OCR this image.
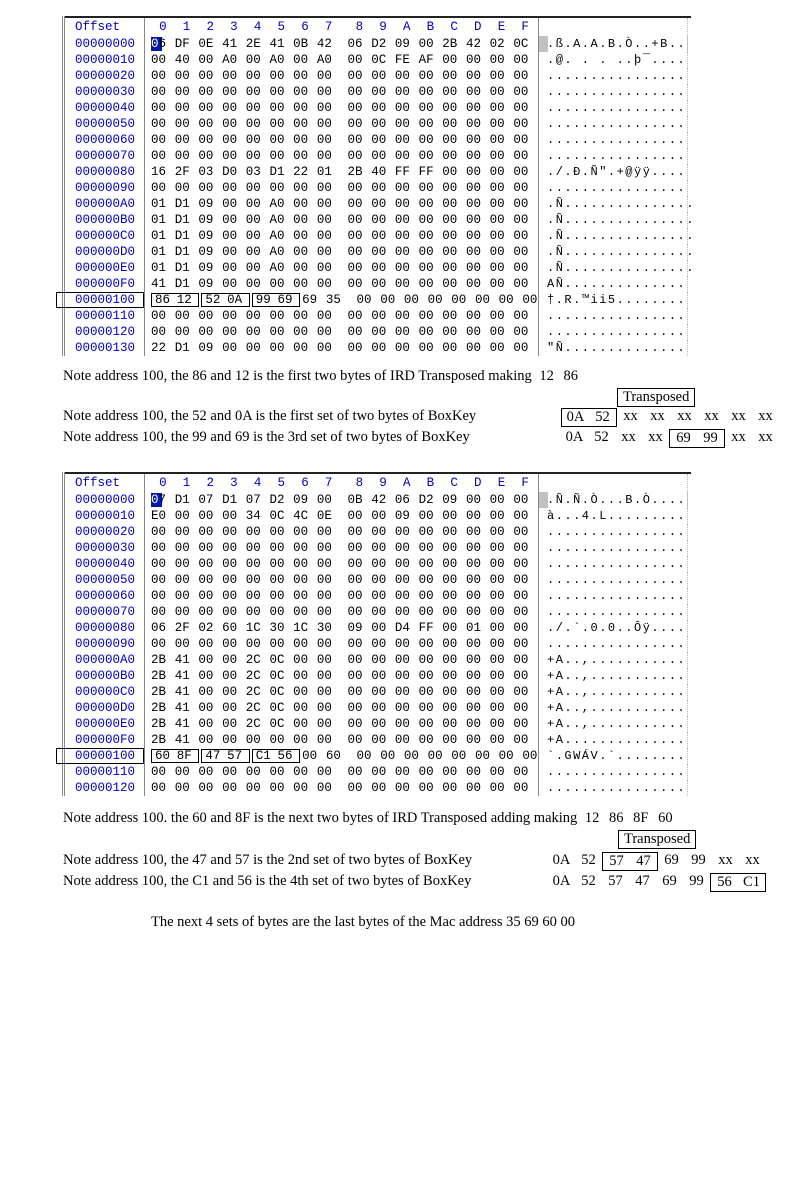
Offset	0	1	2	3	4	5	6	7	8	9	A	B	C	D	E	F
00000000 06 DF 0E 41 2E 41 0B 42	06 D2 09 00 2B 42 02 0C	.ß.A.A.B.Ò..+B..
00000010 00 40 00 A0 00 A0 00 A0	00 0C FE AF 00 00 00 00	.@. . . ..þ¯....
00000020 00 00 00 00 00 00 00 00	00 00 00 00 00 00 00 00	................
00000030 00 00 00 00 00 00 00 00	00 00 00 00 00 00 00 00	................
00000040 00 00 00 00 00 00 00 00	00 00 00 00 00 00 00 00	................
00000050 00 00 00 00 00 00 00 00	00 00 00 00 00 00 00 00	................
00000060 00 00 00 00 00 00 00 00	00 00 00 00 00 00 00 00	................
00000070 00 00 00 00 00 00 00 00	00 00 00 00 00 00 00 00	................
00000080 16 2F 03 D0 03 D1 22 01	2B 40 FF FF 00 00 00 00	./.Ð.Ñ".+@ÿÿ....
00000090 00 00 00 00 00 00 00 00	00 00 00 00 00 00 00 00	................
000000A0 01 D1 09 00 00 A0 00 00	00 00 00 00 00 00 00 00	.Ñ...............
000000B0 01 D1 09 00 00 A0 00 00	00 00 00 00 00 00 00 00	.Ñ...............
000000C0 01 D1 09 00 00 A0 00 00	00 00 00 00 00 00 00 00	.Ñ...............
000000D0 01 D1 09 00 00 A0 00 00	00 00 00 00 00 00 00 00	.Ñ...............
000000E0 01 D1 09 00 00 A0 00 00	00 00 00 00 00 00 00 00	.Ñ...............
000000F0 41 D1 09 00 00 00 00 00	00 00 00 00 00 00 00 00	AÑ..............
00000100 86 12	52 0A	99 69 69 35	00 00 00 00 00 00 00 00 †.R.™ii5........
00000110 00 00 00 00 00 00 00 00	00 00 00 00 00 00 00 00	................
00000120 00 00 00 00 00 00 00 00	00 00 00 00 00 00 00 00	................
00000130 22 D1 09 00 00 00 00 00	00 00 00 00 00 00 00 00	"Ñ..............
Offset	0	1	2	3	4	5	6	7	8	9	A	B	C	D	E	F
00000000 07 D1 07 D1 07 D2 09 00	0B 42 06 D2 09 00 00 00	.Ñ.Ñ.Ò...B.Ò....
00000010 E0 00 00 00 34 0C 4C 0E	00 00 09 00 00 00 00 00	à...4.L.........
00000020 00 00 00 00 00 00 00 00	00 00 00 00 00 00 00 00	................
00000030 00 00 00 00 00 00 00 00	00 00 00 00 00 00 00 00	................
00000040 00 00 00 00 00 00 00 00	00 00 00 00 00 00 00 00	................
00000050 00 00 00 00 00 00 00 00	00 00 00 00 00 00 00 00	................
00000060 00 00 00 00 00 00 00 00	00 00 00 00 00 00 00 00	................
00000070 00 00 00 00 00 00 00 00	00 00 00 00 00 00 00 00	................
00000080 06 2F 02 60 1C 30 1C 30	09 00 D4 FF 00 01 00 00	./.`.0.0..Ôÿ....
00000090 00 00 00 00 00 00 00 00	00 00 00 00 00 00 00 00	................
000000A0 2B 41 00 00 2C 0C 00 00	00 00 00 00 00 00 00 00	+A..,...........
000000B0 2B 41 00 00 2C 0C 00 00	00 00 00 00 00 00 00 00	+A..,...........
000000C0 2B 41 00 00 2C 0C 00 00	00 00 00 00 00 00 00 00	+A..,...........
000000D0 2B 41 00 00 2C 0C 00 00	00 00 00 00 00 00 00 00	+A..,...........
000000E0 2B 41 00 00 2C 0C 00 00	00 00 00 00 00 00 00 00	+A..,...........
000000F0 2B 41 00 00 00 00 00 00	00 00 00 00 00 00 00 00	+A..............
00000100 60 8F	47 57	C1 56 00 60	00 00 00 00 00 00 00 00 `.GWÁV.`........
00000110 00 00 00 00 00 00 00 00	00 00 00 00 00 00 00 00	................
00000120 00 00 00 00 00 00 00 00	00 00 00 00 00 00 00 00	................
Note address 100, the 86 and 12 is the first two bytes of IRD Transposed making 12 86
Transposed
Note address 100, the 52 and 0A is the first set of two bytes of BoxKey	0A 52 xx xx xx xx xx xx
Note address 100, the 99 and 69 is the 3rd set of two bytes of BoxKey	0A 52 xx xx 69 99 xx xx
Note address 100. the 60 and 8F is the next two bytes of IRD Transposed adding making 12 86 8F 60
Transposed
Note address 100, the 47 and 57 is the 2nd set of two bytes of BoxKey	0A 52 57 47 69 99 xx xx
Note address 100, the C1 and 56 is the 4th set of two bytes of BoxKey	0A 52 57 47 69 99 56 C1
The next 4 sets of bytes are the last bytes of the Mac address 35 69 60 00
